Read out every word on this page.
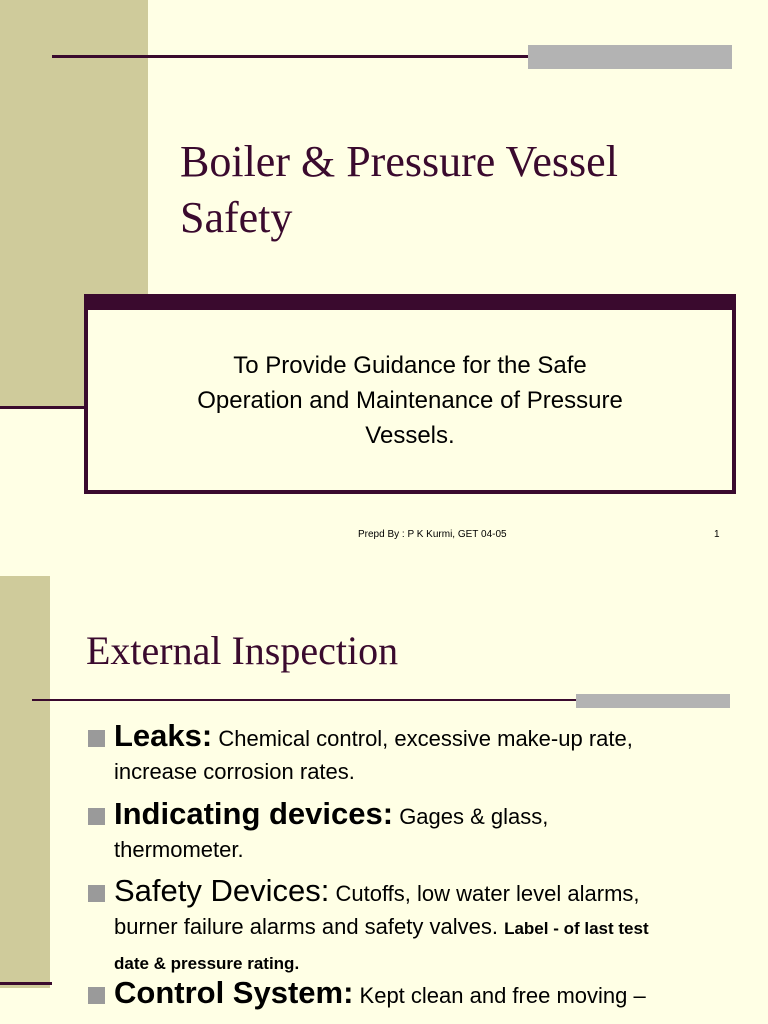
Boiler & Pressure Vessel
Safety
To Provide Guidance for the Safe
Operation and Maintenance of Pressure
Vessels.
Prepd By : P K Kurmi, GET 04-05	1
External Inspection
Leaks: Chemical control, excessive make-up rate,
increase corrosion rates.
Indicating devices: Gages & glass,
thermometer.
Safety Devices: Cutoffs, low water level alarms,
burner failure alarms and safety valves. Label - of last test
date & pressure rating.
Control System: Kept clean and free moving –
